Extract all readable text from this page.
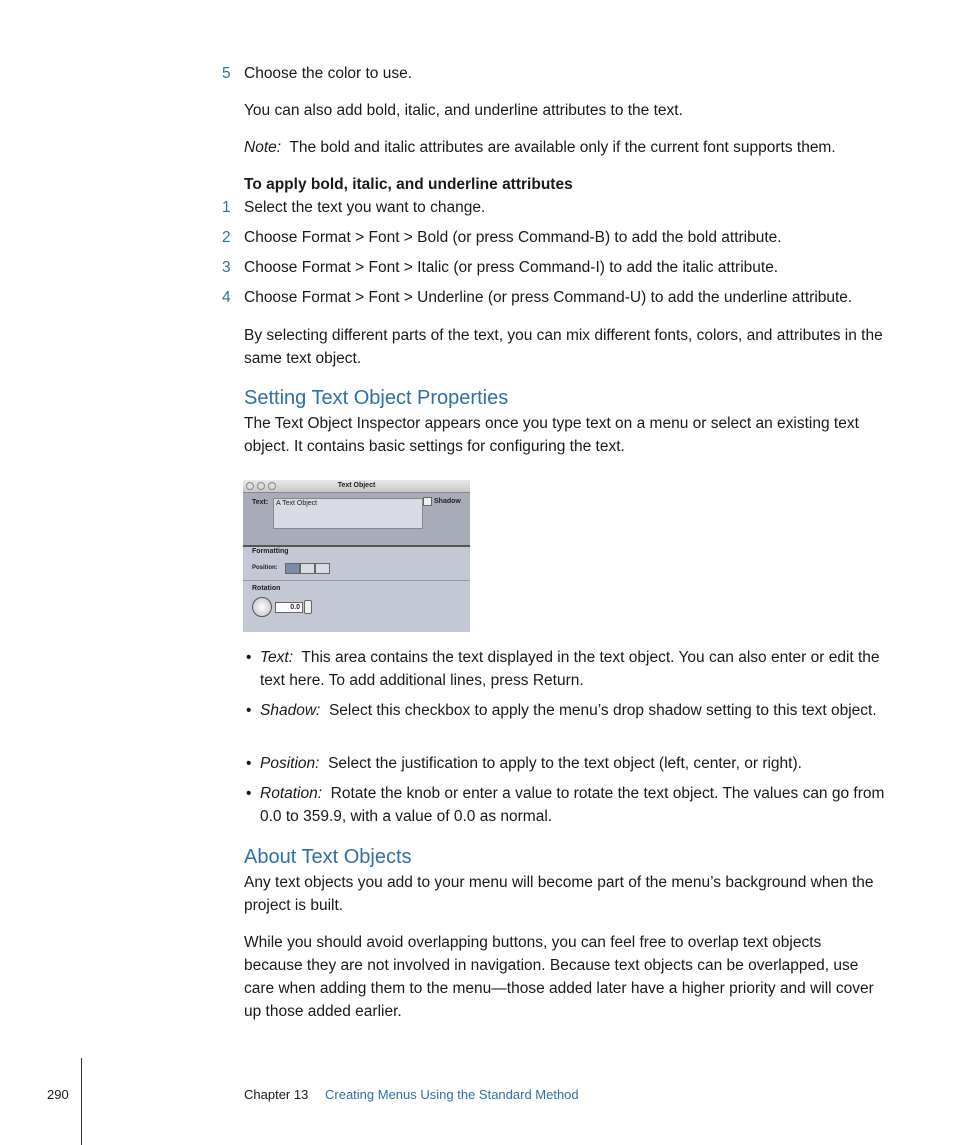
5 Choose the color to use.
You can also add bold, italic, and underline attributes to the text.
Note: The bold and italic attributes are available only if the current font supports them.
To apply bold, italic, and underline attributes
1 Select the text you want to change.
2 Choose Format > Font > Bold (or press Command-B) to add the bold attribute.
3 Choose Format > Font > Italic (or press Command-I) to add the italic attribute.
4 Choose Format > Font > Underline (or press Command-U) to add the underline attribute.
By selecting different parts of the text, you can mix different fonts, colors, and attributes in the same text object.
Setting Text Object Properties
The Text Object Inspector appears once you type text on a menu or select an existing text object. It contains basic settings for configuring the text.
Text Object
Text:	A Text Object	Shadow
Formatting
Position:
Rotation
0.0
• Text: This area contains the text displayed in the text object. You can also enter or edit the text here. To add additional lines, press Return.
• Shadow: Select this checkbox to apply the menu’s drop shadow setting to this text object.
• Position: Select the justification to apply to the text object (left, center, or right).
• Rotation: Rotate the knob or enter a value to rotate the text object. The values can go from 0.0 to 359.9, with a value of 0.0 as normal.
About Text Objects
Any text objects you add to your menu will become part of the menu’s background when the project is built.
While you should avoid overlapping buttons, you can feel free to overlap text objects because they are not involved in navigation. Because text objects can be overlapped, use care when adding them to the menu—those added later have a higher priority and will cover up those added earlier.
290	Chapter 13 Creating Menus Using the Standard Method
